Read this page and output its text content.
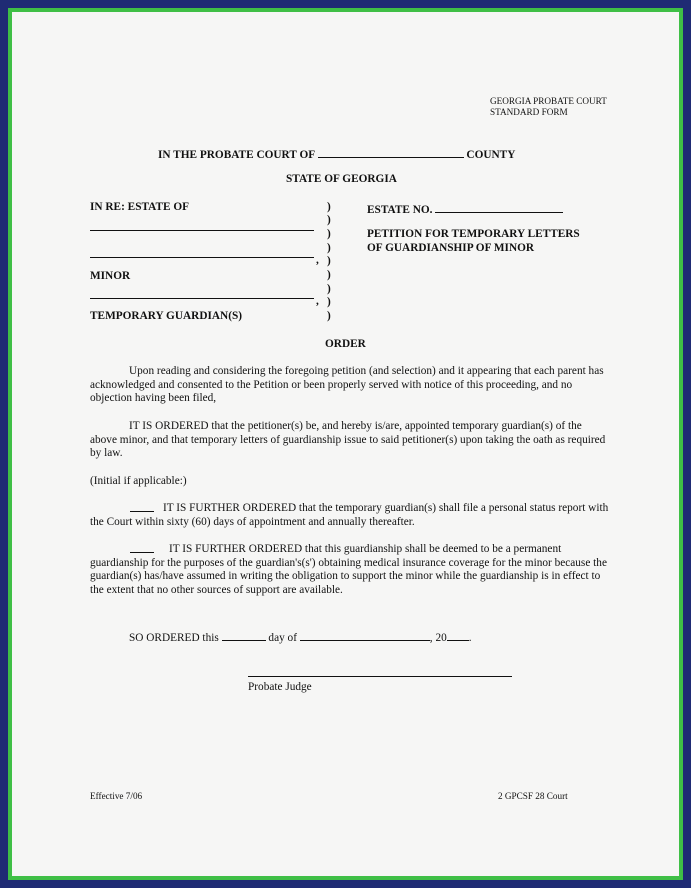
GEORGIA PROBATE COURT
STANDARD FORM
IN THE PROBATE COURT OF	COUNTY
STATE OF GEORGIA
IN RE: ESTATE OF
,
MINOR
,
TEMPORARY GUARDIAN(S)
)
)
)
)
)
)
)
)
)
ESTATE NO.
PETITION FOR TEMPORARY LETTERS
OF GUARDIANSHIP OF MINOR
ORDER
Upon reading and considering the foregoing petition (and selection) and it appearing that each parent has acknowledged and consented to the Petition or been properly served with notice of this proceeding, and no objection having been filed,
IT IS ORDERED that the petitioner(s) be, and hereby is/are, appointed temporary guardian(s) of the above minor, and that temporary letters of guardianship issue to said petitioner(s) upon taking the oath as required by law.
(Initial if applicable:)
IT IS FURTHER ORDERED that the temporary guardian(s) shall file a personal status report with the Court within sixty (60) days of appointment and annually thereafter.
IT IS FURTHER ORDERED that this guardianship shall be deemed to be a permanent guardianship for the purposes of the guardian's(s') obtaining medical insurance coverage for the minor because the guardian(s) has/have assumed in writing the obligation to support the minor while the guardianship is in effect to the extent that no other sources of support are available.
SO ORDERED this	day of	, 20 .
Probate Judge
Effective 7/06	2 GPCSF 28 Court
